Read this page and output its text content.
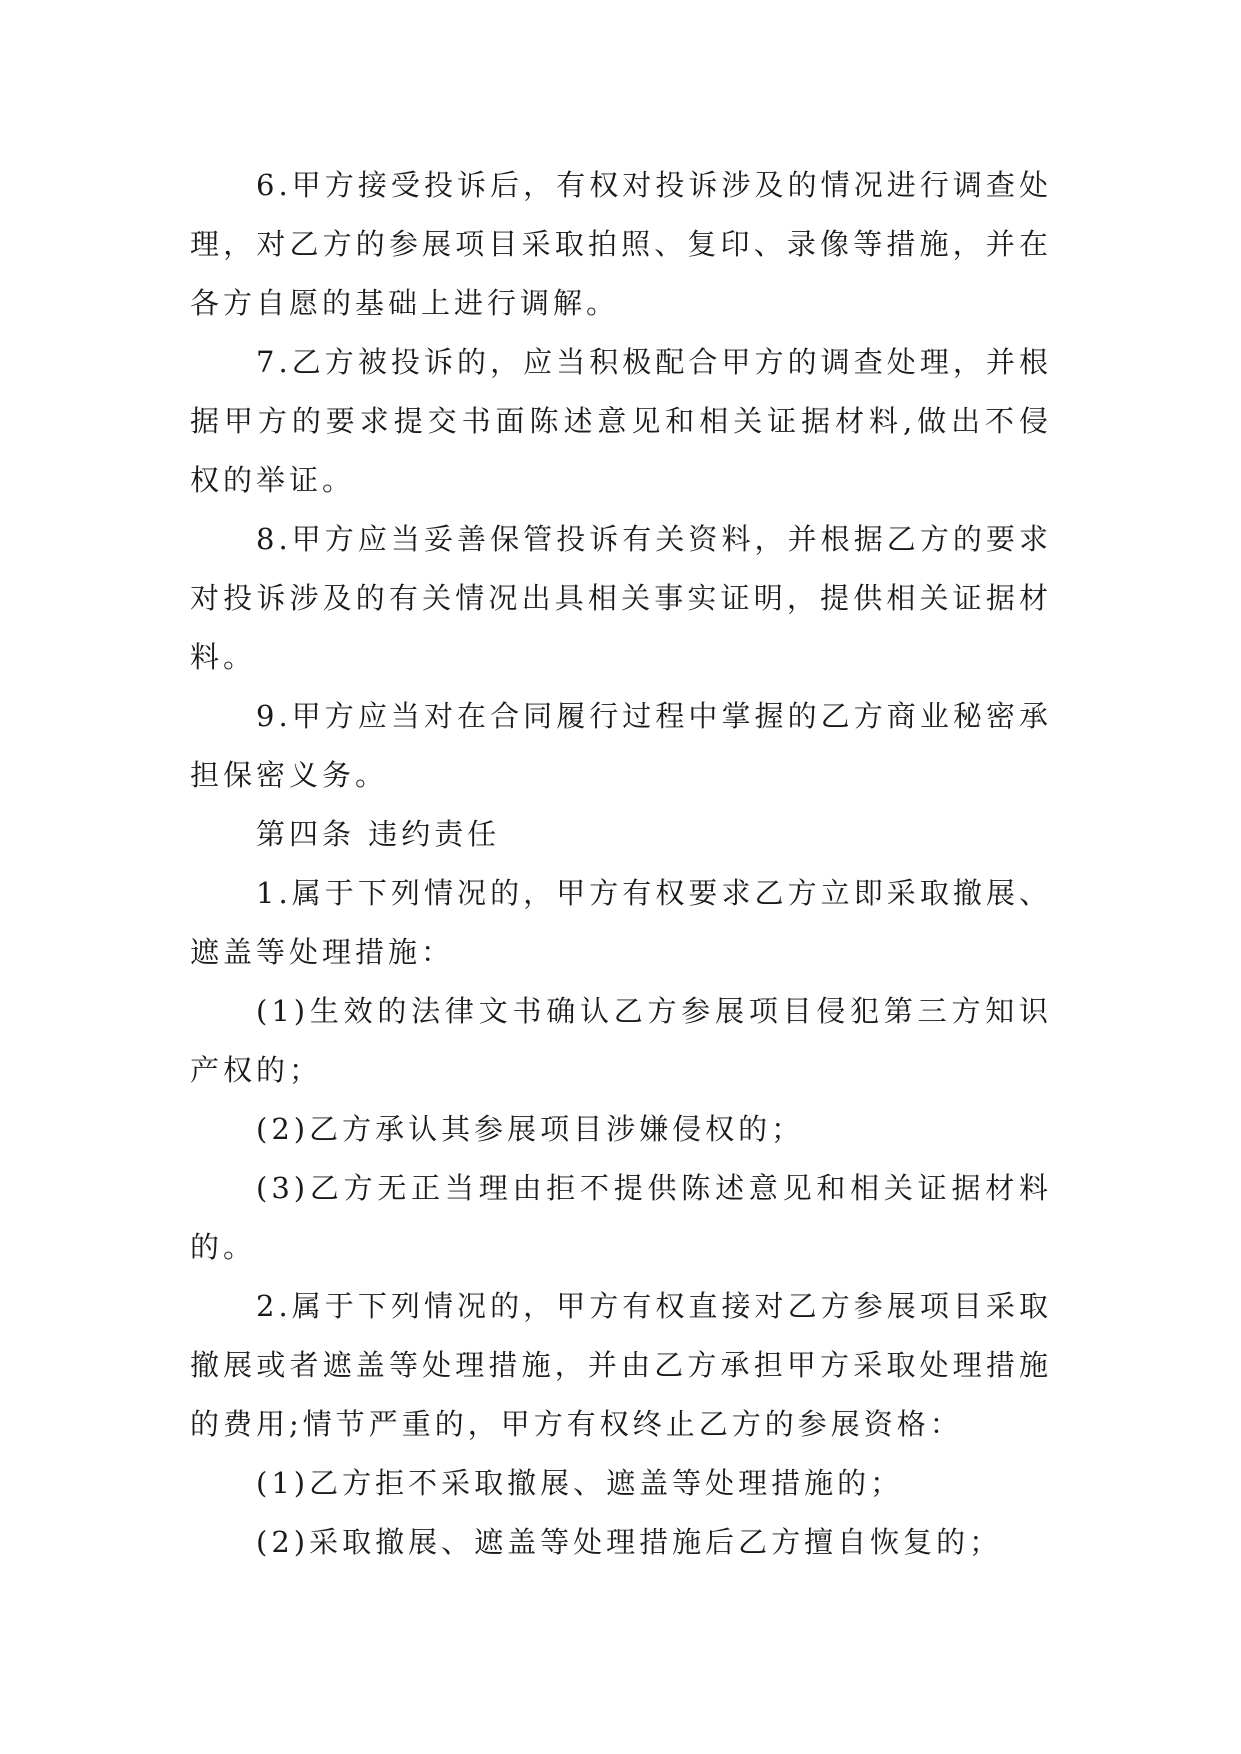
6.甲方接受投诉后，有权对投诉涉及的情况进行调查处理，对乙方的参展项目采取拍照、复印、录像等措施，并在各方自愿的基础上进行调解。

7.乙方被投诉的，应当积极配合甲方的调查处理，并根据甲方的要求提交书面陈述意见和相关证据材料,做出不侵权的举证。

8.甲方应当妥善保管投诉有关资料，并根据乙方的要求对投诉涉及的有关情况出具相关事实证明，提供相关证据材料。

9.甲方应当对在合同履行过程中掌握的乙方商业秘密承担保密义务。

第四条 违约责任

1.属于下列情况的，甲方有权要求乙方立即采取撤展、遮盖等处理措施：

(1)生效的法律文书确认乙方参展项目侵犯第三方知识产权的；

(2)乙方承认其参展项目涉嫌侵权的；

(3)乙方无正当理由拒不提供陈述意见和相关证据材料的。

2.属于下列情况的，甲方有权直接对乙方参展项目采取撤展或者遮盖等处理措施，并由乙方承担甲方采取处理措施的费用;情节严重的，甲方有权终止乙方的参展资格：

(1)乙方拒不采取撤展、遮盖等处理措施的；

(2)采取撤展、遮盖等处理措施后乙方擅自恢复的；
